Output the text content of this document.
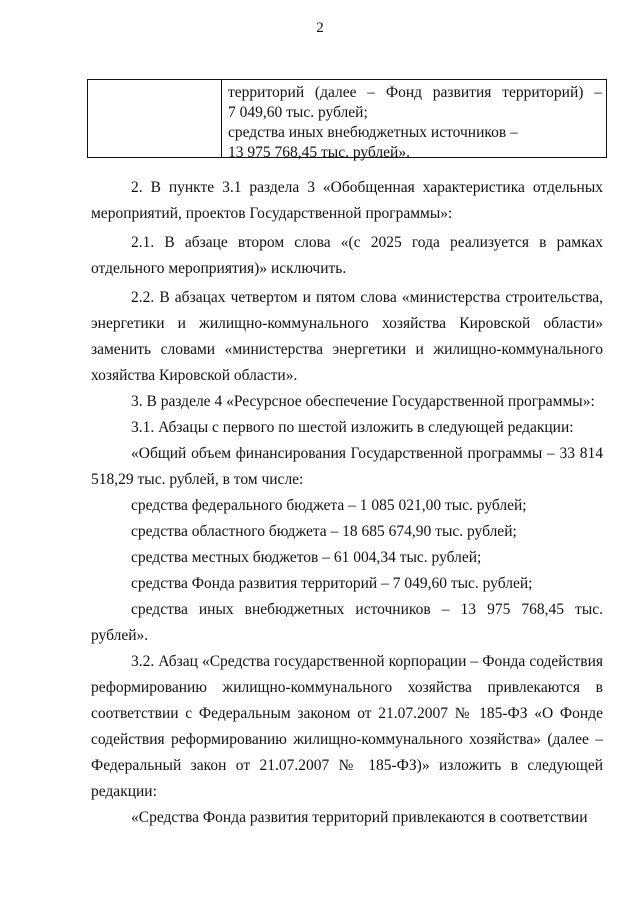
2
территорий (далее – Фонд развития территорий) –
7 049,60 тыс. рублей;
средства иных внебюджетных источников –
13 975 768,45 тыс. рублей».

2. В пункте 3.1 раздела 3 «Обобщенная характеристика отдельных мероприятий, проектов Государственной программы»:

2.1. В абзаце втором слова «(с 2025 года реализуется в рамках отдельного мероприятия)» исключить.

2.2. В абзацах четвертом и пятом слова «министерства строительства, энергетики и жилищно-коммунального хозяйства Кировской области» заменить словами «министерства энергетики и жилищно-коммунального хозяйства Кировской области».

3. В разделе 4 «Ресурсное обеспечение Государственной программы»:

3.1. Абзацы с первого по шестой изложить в следующей редакции:

«Общий объем финансирования Государственной программы – 33 814 518,29 тыс. рублей, в том числе:

средства федерального бюджета – 1 085 021,00 тыс. рублей;

средства областного бюджета – 18 685 674,90 тыс. рублей;

средства местных бюджетов – 61 004,34 тыс. рублей;

средства Фонда развития территорий – 7 049,60 тыс. рублей;

средства иных внебюджетных источников – 13 975 768,45 тыс. рублей».

3.2. Абзац «Средства государственной корпорации – Фонда содействия реформированию жилищно-коммунального хозяйства привлекаются в соответствии с Федеральным законом от 21.07.2007 № 185-ФЗ «О Фонде содействия реформированию жилищно-коммунального хозяйства» (далее – Федеральный закон от 21.07.2007 № 185-ФЗ)» изложить в следующей редакции:

«Средства Фонда развития территорий привлекаются в соответствии
